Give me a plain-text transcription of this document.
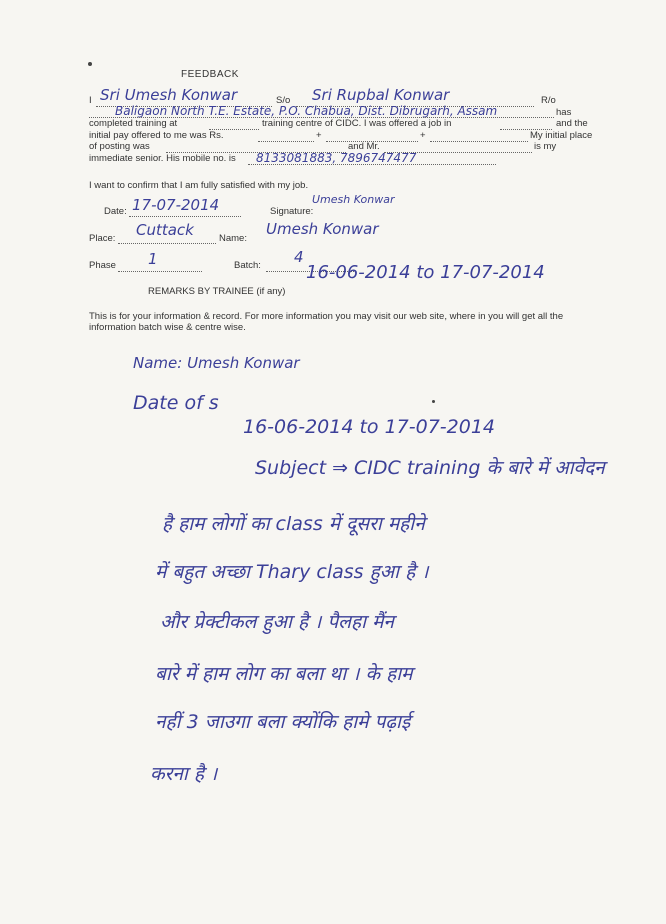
FEEDBACK
I Sri Umesh Konwar	S/o Sri Rupbal Konwar	R/o
Baligaon North T.E. Estate, P.O. Chabua, Dist. Dibrugarh, Assam	has
completed training at	training centre of CIDC. I was offered a job in	and the
initial pay offered to me was Rs.	+	+	My initial place
of posting was	and Mr.	is my
immediate senior. His mobile no. is 8133081883, 7896747477
I want to confirm that I am fully satisfied with my job.
Date: 17-07-2014	Signature:
Umesh Konwar
Place: Cuttack	Name:
Umesh Konwar
Phase 1	Batch: 4
REMARKS BY TRAINEE (if any)
16-06-2014 to 17-07-2014
This is for your information & record. For more information you may visit our web site, where in you will get all the
information batch wise & centre wise.
Name: Umesh Konwar
Date of s
16-06-2014 to 17-07-2014
Subject ⇒ CIDC training के बारे में आवेदन
है हाम लोगों का class में दूसरा महीने
में बहुत अच्छा Thary class हुआ है ।
और प्रेक्टीकल हुआ है । पैलहा मैंन
बारे में हाम लोग का बला था । के हाम
नहीं 3 जाउगा बला क्योंकि हामे पढ़ाई
करना है ।
